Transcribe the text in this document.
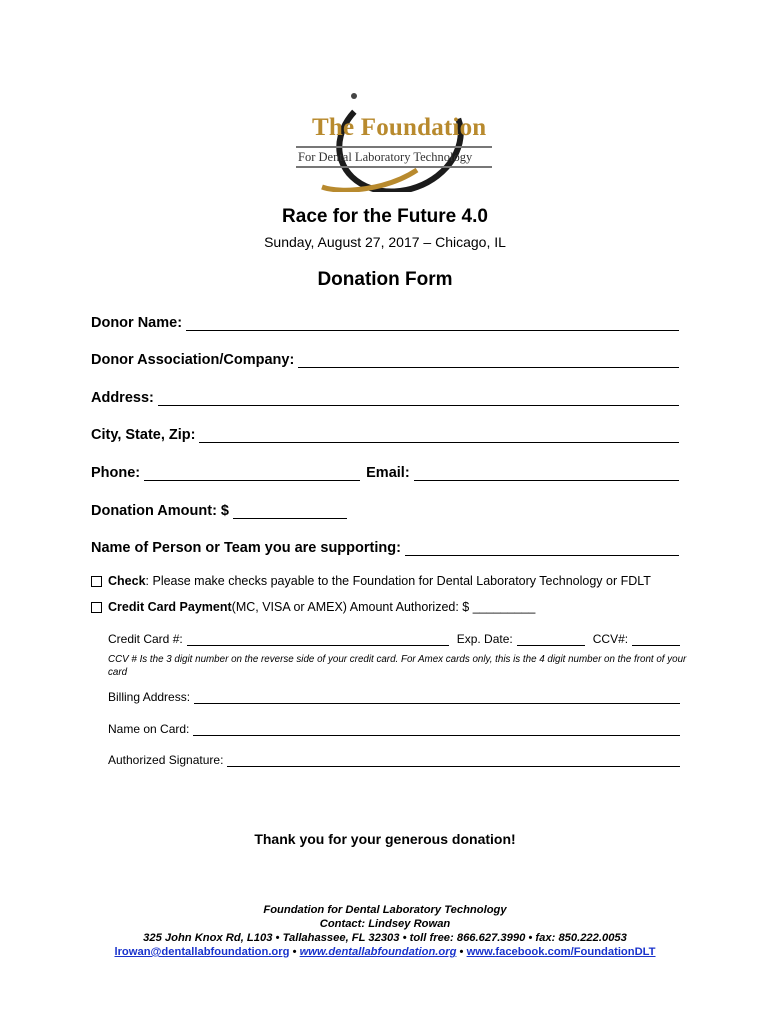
The Foundation
For Dental Laboratory Technology
Race for the Future 4.0
Sunday, August 27, 2017 – Chicago, IL
Donation Form
Donor Name:
Donor Association/Company:
Address:
City, State, Zip:
Phone:	Email:
Donation Amount: $
Name of Person or Team you are supporting:
Check : Please make checks payable to the Foundation for Dental Laboratory Technology or FDLT
Credit Card Payment (MC, VISA or AMEX) Amount Authorized: $ _________
Credit Card #:	Exp. Date:	CCV#:
CCV # Is the 3 digit number on the reverse side of your credit card. For Amex cards only, this is the 4 digit number on the front of your card
Billing Address:
Name on Card:
Authorized Signature:
Thank you for your generous donation!
Foundation for Dental Laboratory Technology
Contact: Lindsey Rowan
325 John Knox Rd, L103 • Tallahassee, FL 32303 • toll free: 866.627.3990 • fax: 850.222.0053
lrowan@dentallabfoundation.org • www.dentallabfoundation.org • www.facebook.com/FoundationDLT
